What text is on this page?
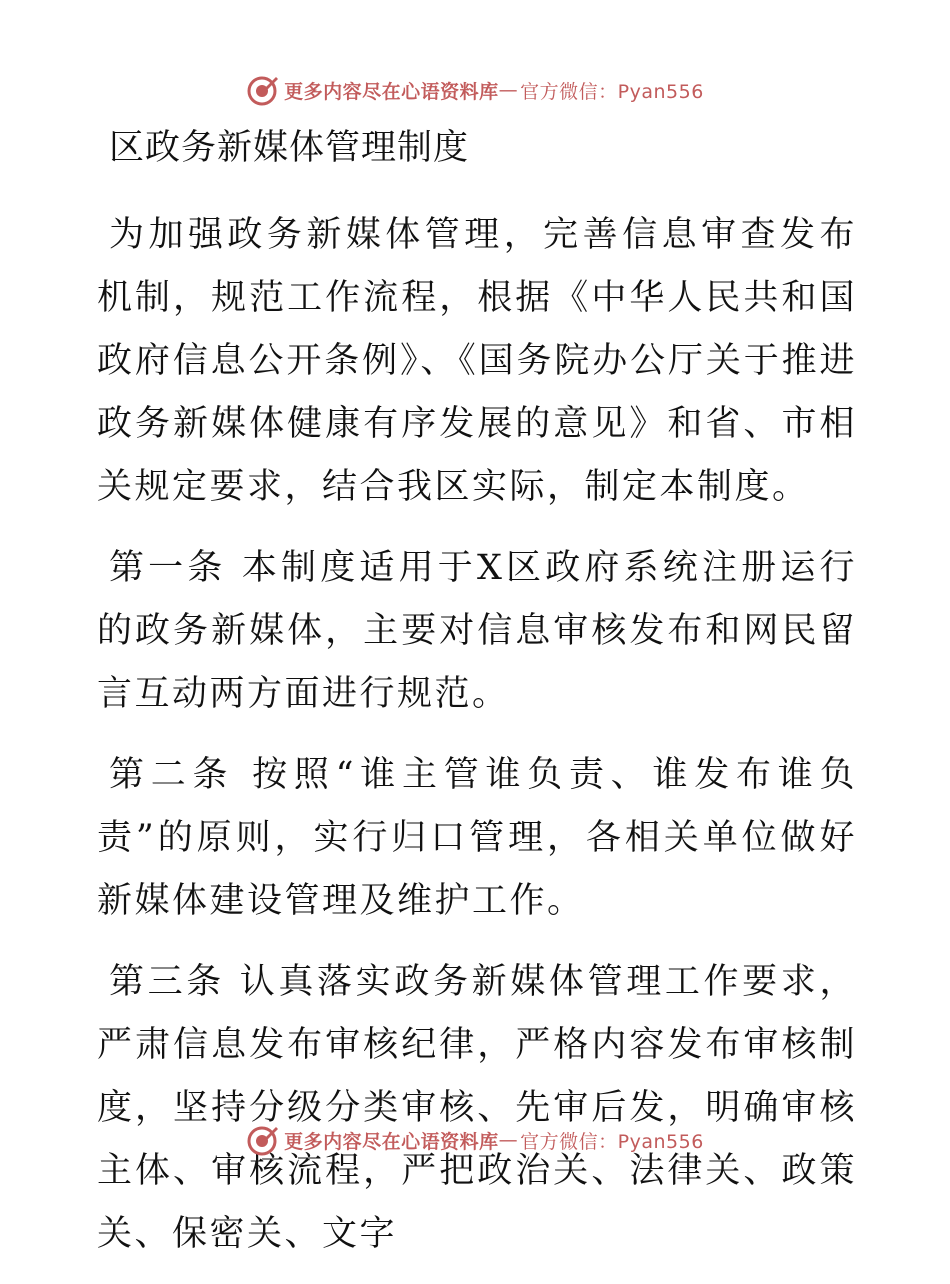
更多内容尽在心语资料库 — 官方微信：Pyan556
区政务新媒体管理制度

为加强政务新媒体管理，完善信息审查发布机制，规范工作流程，根据《中华人民共和国政府信息公开条例》、《国务院办公厅关于推进政务新媒体健康有序发展的意见》和省、市相关规定要求，结合我区实际，制定本制度。

第一条 本制度适用于X区政府系统注册运行的政务新媒体，主要对信息审核发布和网民留言互动两方面进行规范。

第二条 按照“谁主管谁负责、谁发布谁负责”的原则，实行归口管理，各相关单位做好新媒体建设管理及维护工作。

第三条 认真落实政务新媒体管理工作要求，严肃信息发布审核纪律，严格内容发布审核制度，坚持分级分类审核、先审后发，明确审核主体、审核流程，严把政治关、法律关、政策关、保密关、文字

更多内容尽在心语资料库 — 官方微信：Pyan556
